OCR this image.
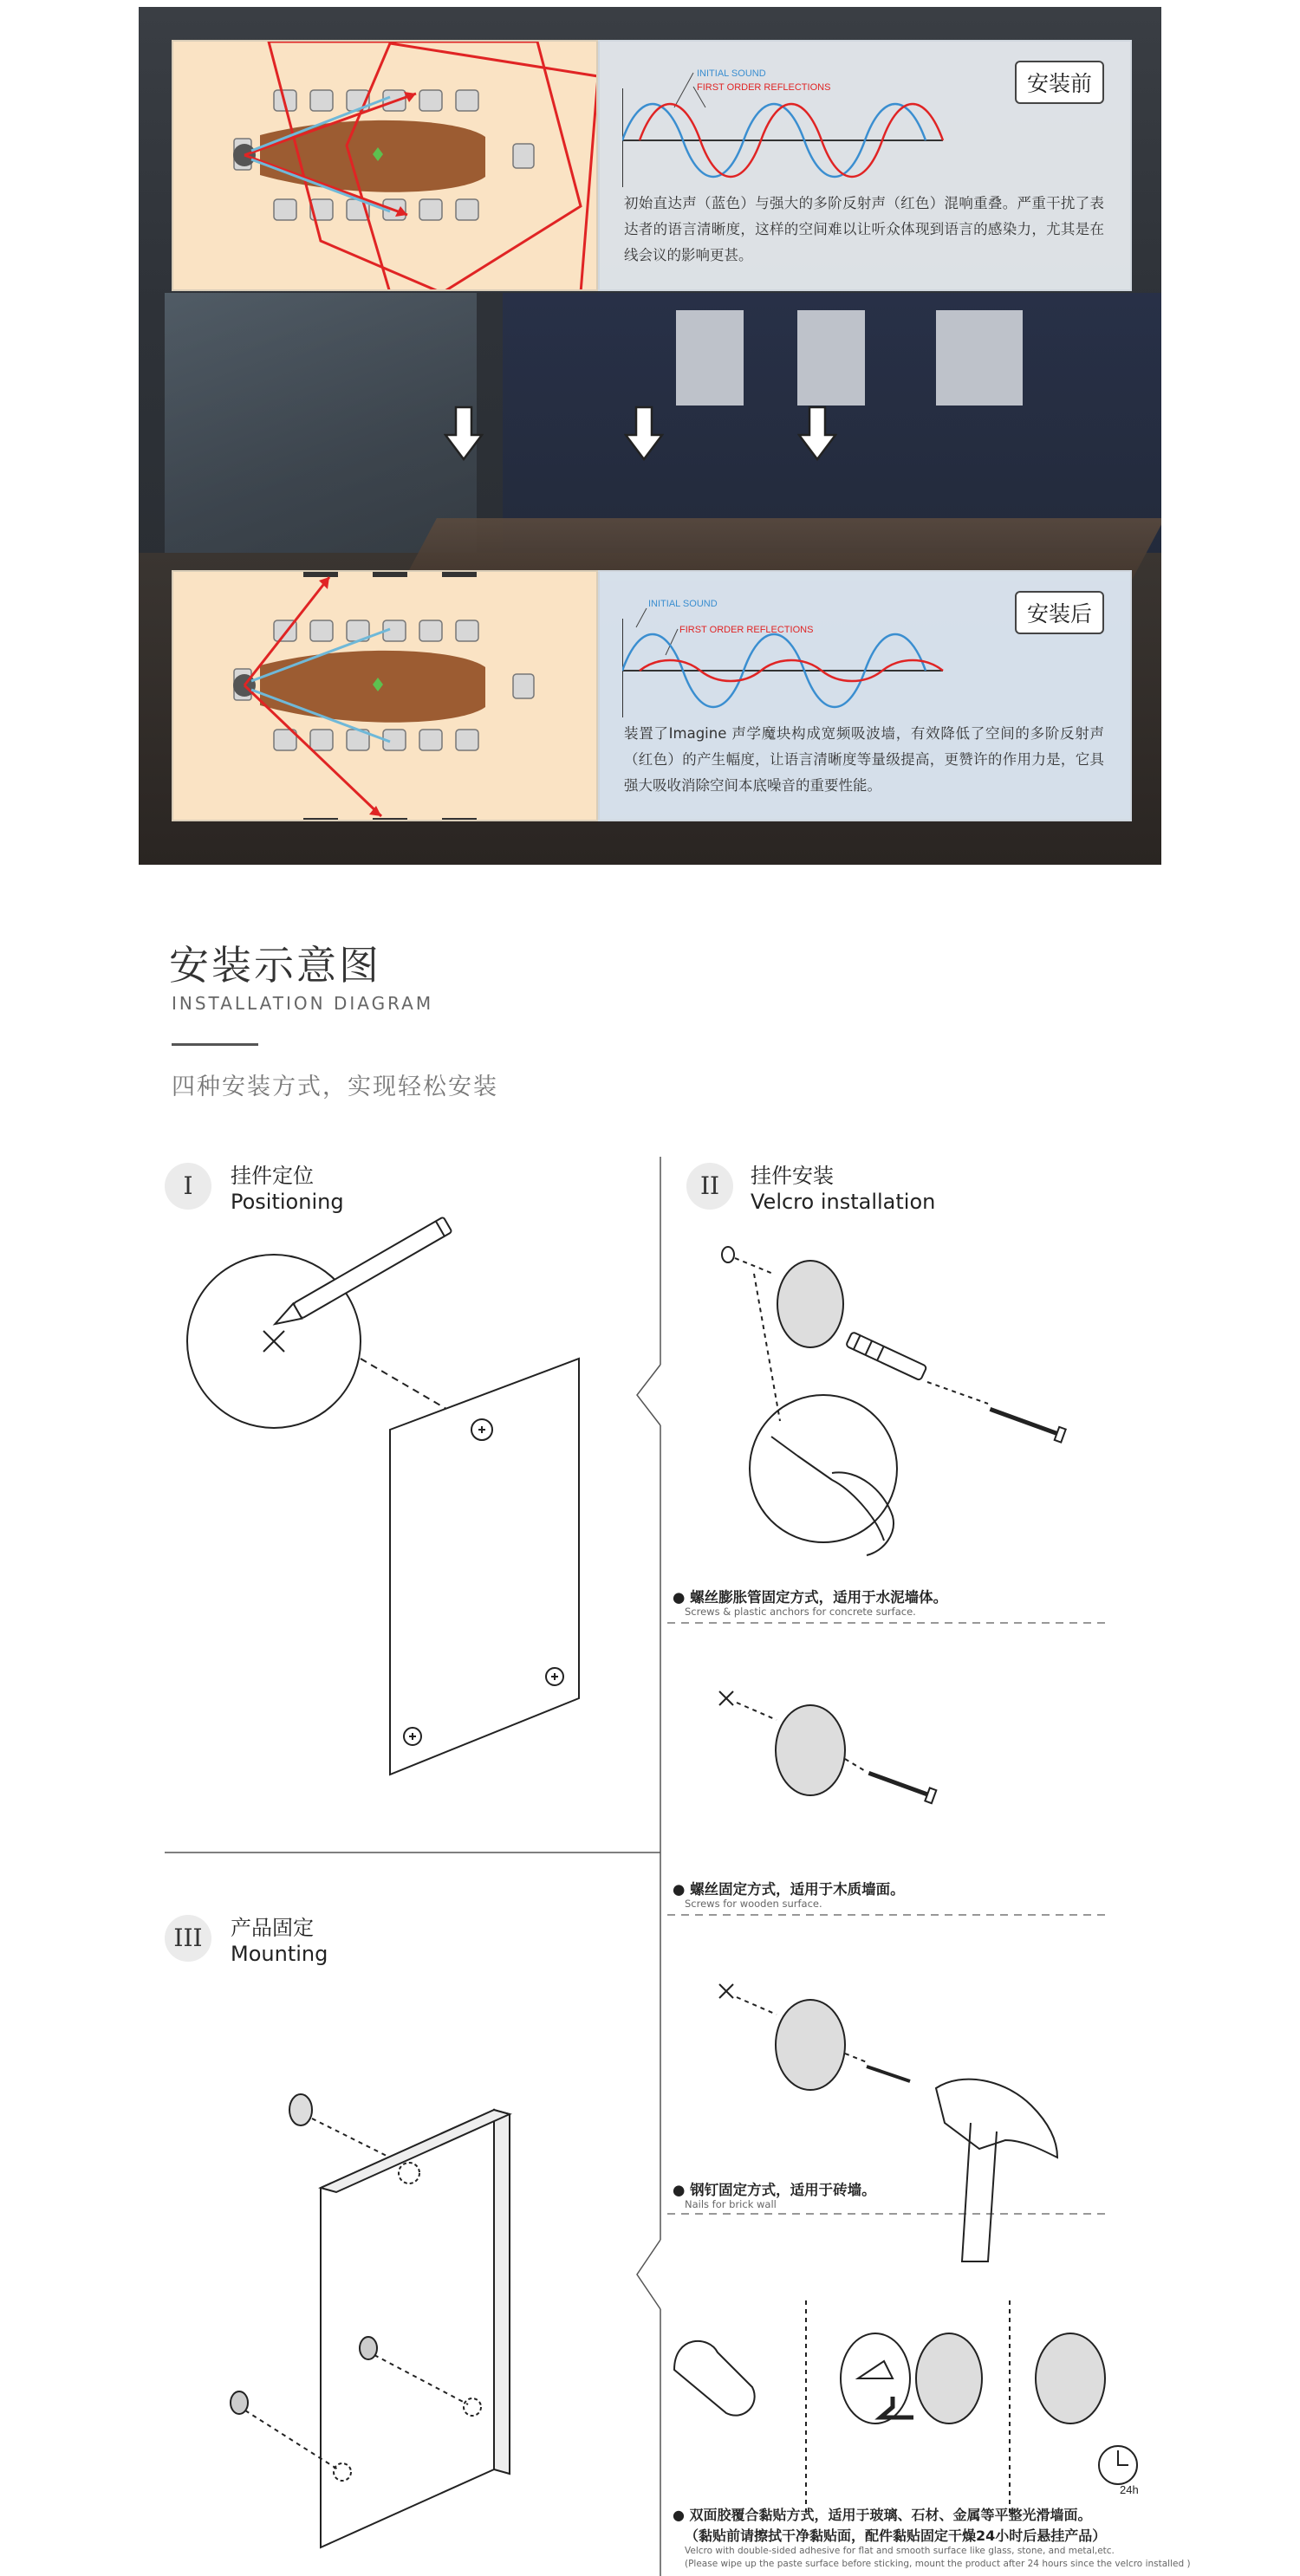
INITIAL SOUND
FIRST ORDER REFLECTIONS	安装前

初始直达声（蓝色）与强大的多阶反射声（红色）混响重叠。严重干扰了表达者的语言清晰度，这样的空间难以让听众体现到语言的感染力，尤其是在线会议的影响更甚。

INITIAL SOUND
FIRST ORDER REFLECTIONS
安装后

装置了Imagine 声学魔块构成宽频吸波墙，有效降低了空间的多阶反射声（红色）的产生幅度，让语言清晰度等量级提高，更赞许的作用力是，它具强大吸收消除空间本底噪音的重要性能。

安装示意图
INSTALLATION DIAGRAM
四种安装方式，实现轻松安装
24h
I	挂件定位
Positioning
II	挂件安装
Velcro installation
III	产品固定
Mounting
● 螺丝膨胀管固定方式，适用于水泥墙体。
Screws & plastic anchors for concrete surface.
● 螺丝固定方式，适用于木质墙面。
Screws for wooden surface.
● 钢钉固定方式，适用于砖墙。
Nails for brick wall
● 双面胶覆合黏贴方式，适用于玻璃、石材、金属等平整光滑墙面。
（黏贴前请擦拭干净黏贴面，配件黏贴固定干燥24小时后悬挂产品）
Velcro with double-sided adhesive for flat and smooth surface like glass, stone, and metal,etc.
(Please wipe up the paste surface before sticking, mount the product after 24 hours since the velcro installed )
